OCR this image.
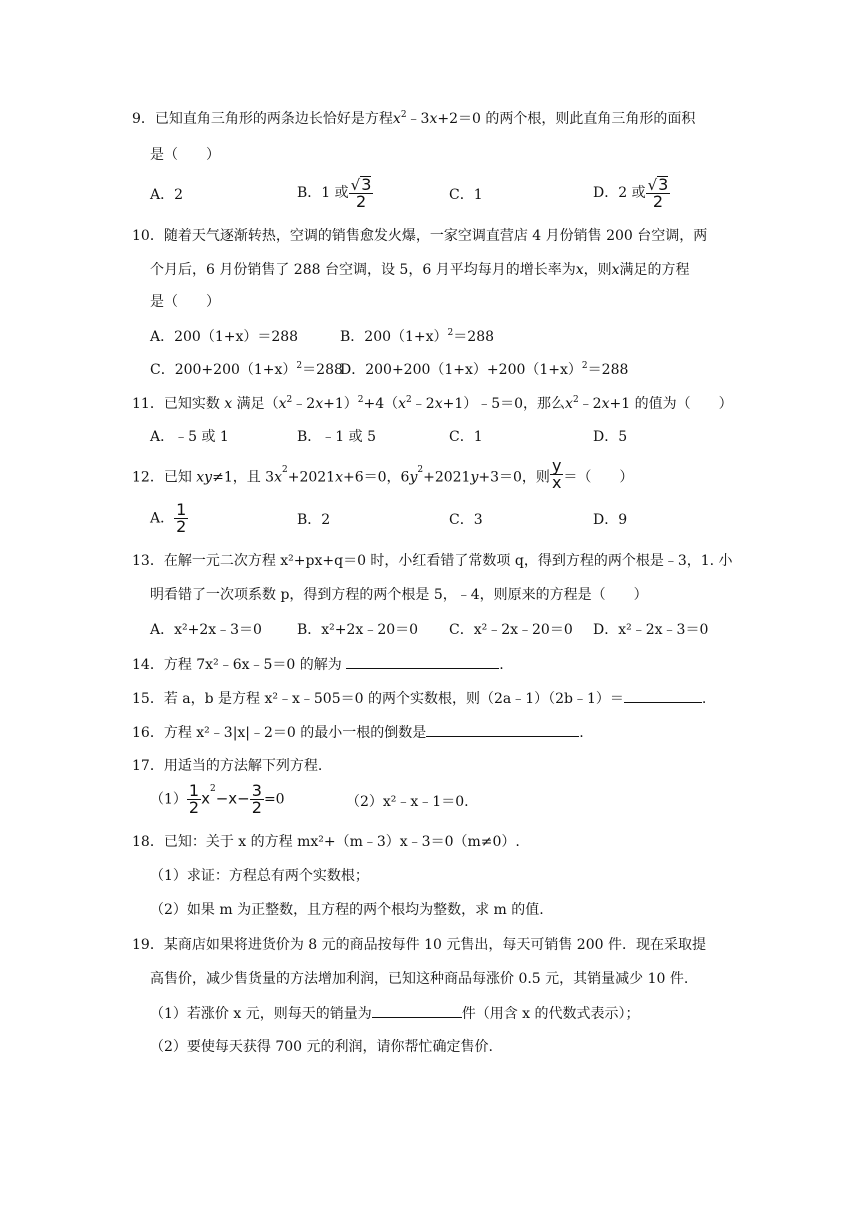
9．已知直角三角形的两条边长恰好是方程$x^2﹣3x+2=0$ 的两个根，则此直角三角形的面积
是（　　）
A．2	B．1 或 $\frac{√3}{2}$	C．1	D．2 或 $\frac{√3}{2}$
10．随着天气逐渐转热，空调的销售愈发火爆，一家空调直营店 4 月份销售 200 台空调，两
个月后，6 月份销售了 288 台空调，设 5，6 月平均每月的增长率为x，则x满足的方程
是（　　）
A．200（1+x）＝288	B．$200(1+x)^2=288$
C．$200+200(1+x)^2=288$
D．$200+200(1+x)+200(1+x)^2=288$
11．已知实数 x 满足$(x^2﹣2x+1)^2+4(x^2﹣2x+1)﹣5=0$，那么$x^2﹣2x+1$ 的值为（　　）
A．﹣5 或 1	B．﹣1 或 5	C．1	D．5
12．已知 xy≠1，且 $3x^2+2021x+6=0$，$6y^2+2021y+3=0$，则 $\frac{y}{x}$ ＝（　　）
A． $\frac{1}{2}$	B．2	C．3	D．9
13．在解一元二次方程 x²+px+q＝0 时，小红看错了常数项 q，得到方程的两个根是﹣3，1. 小
明看错了一次项系数 p，得到方程的两个根是 5，﹣4，则原来的方程是（　　）
A．x²+2x﹣3＝0	B．x²+2x﹣20＝0 C．x²﹣2x﹣20＝0 D．x²﹣2x﹣3＝0
14．方程 7x²﹣6x﹣5＝0 的解为	.
15．若 a，b 是方程 x²﹣x﹣505＝0 的两个实数根，则（2a﹣1）（2b﹣1）＝	.
16．方程 x²﹣3|x|﹣2＝0 的最小一根的倒数是	.
17．用适当的方法解下列方程.
$(1) \frac{1}{2} x^2-x- \frac{3}{2} =0$	（2）x²﹣x﹣1＝0.
18．已知：关于 x 的方程 mx²+（m﹣3）x﹣3＝0（m≠0）.
（1）求证：方程总有两个实数根；
（2）如果 m 为正整数，且方程的两个根均为整数，求 m 的值.
19．某商店如果将进货价为 8 元的商品按每件 10 元售出，每天可销售 200 件．现在采取提
高售价，减少售货量的方法增加利润，已知这种商品每涨价 0.5 元，其销量减少 10 件.
（1）若涨价 x 元，则每天的销量为	件（用含 x 的代数式表示）；
（2）要使每天获得 700 元的利润，请你帮忙确定售价.
